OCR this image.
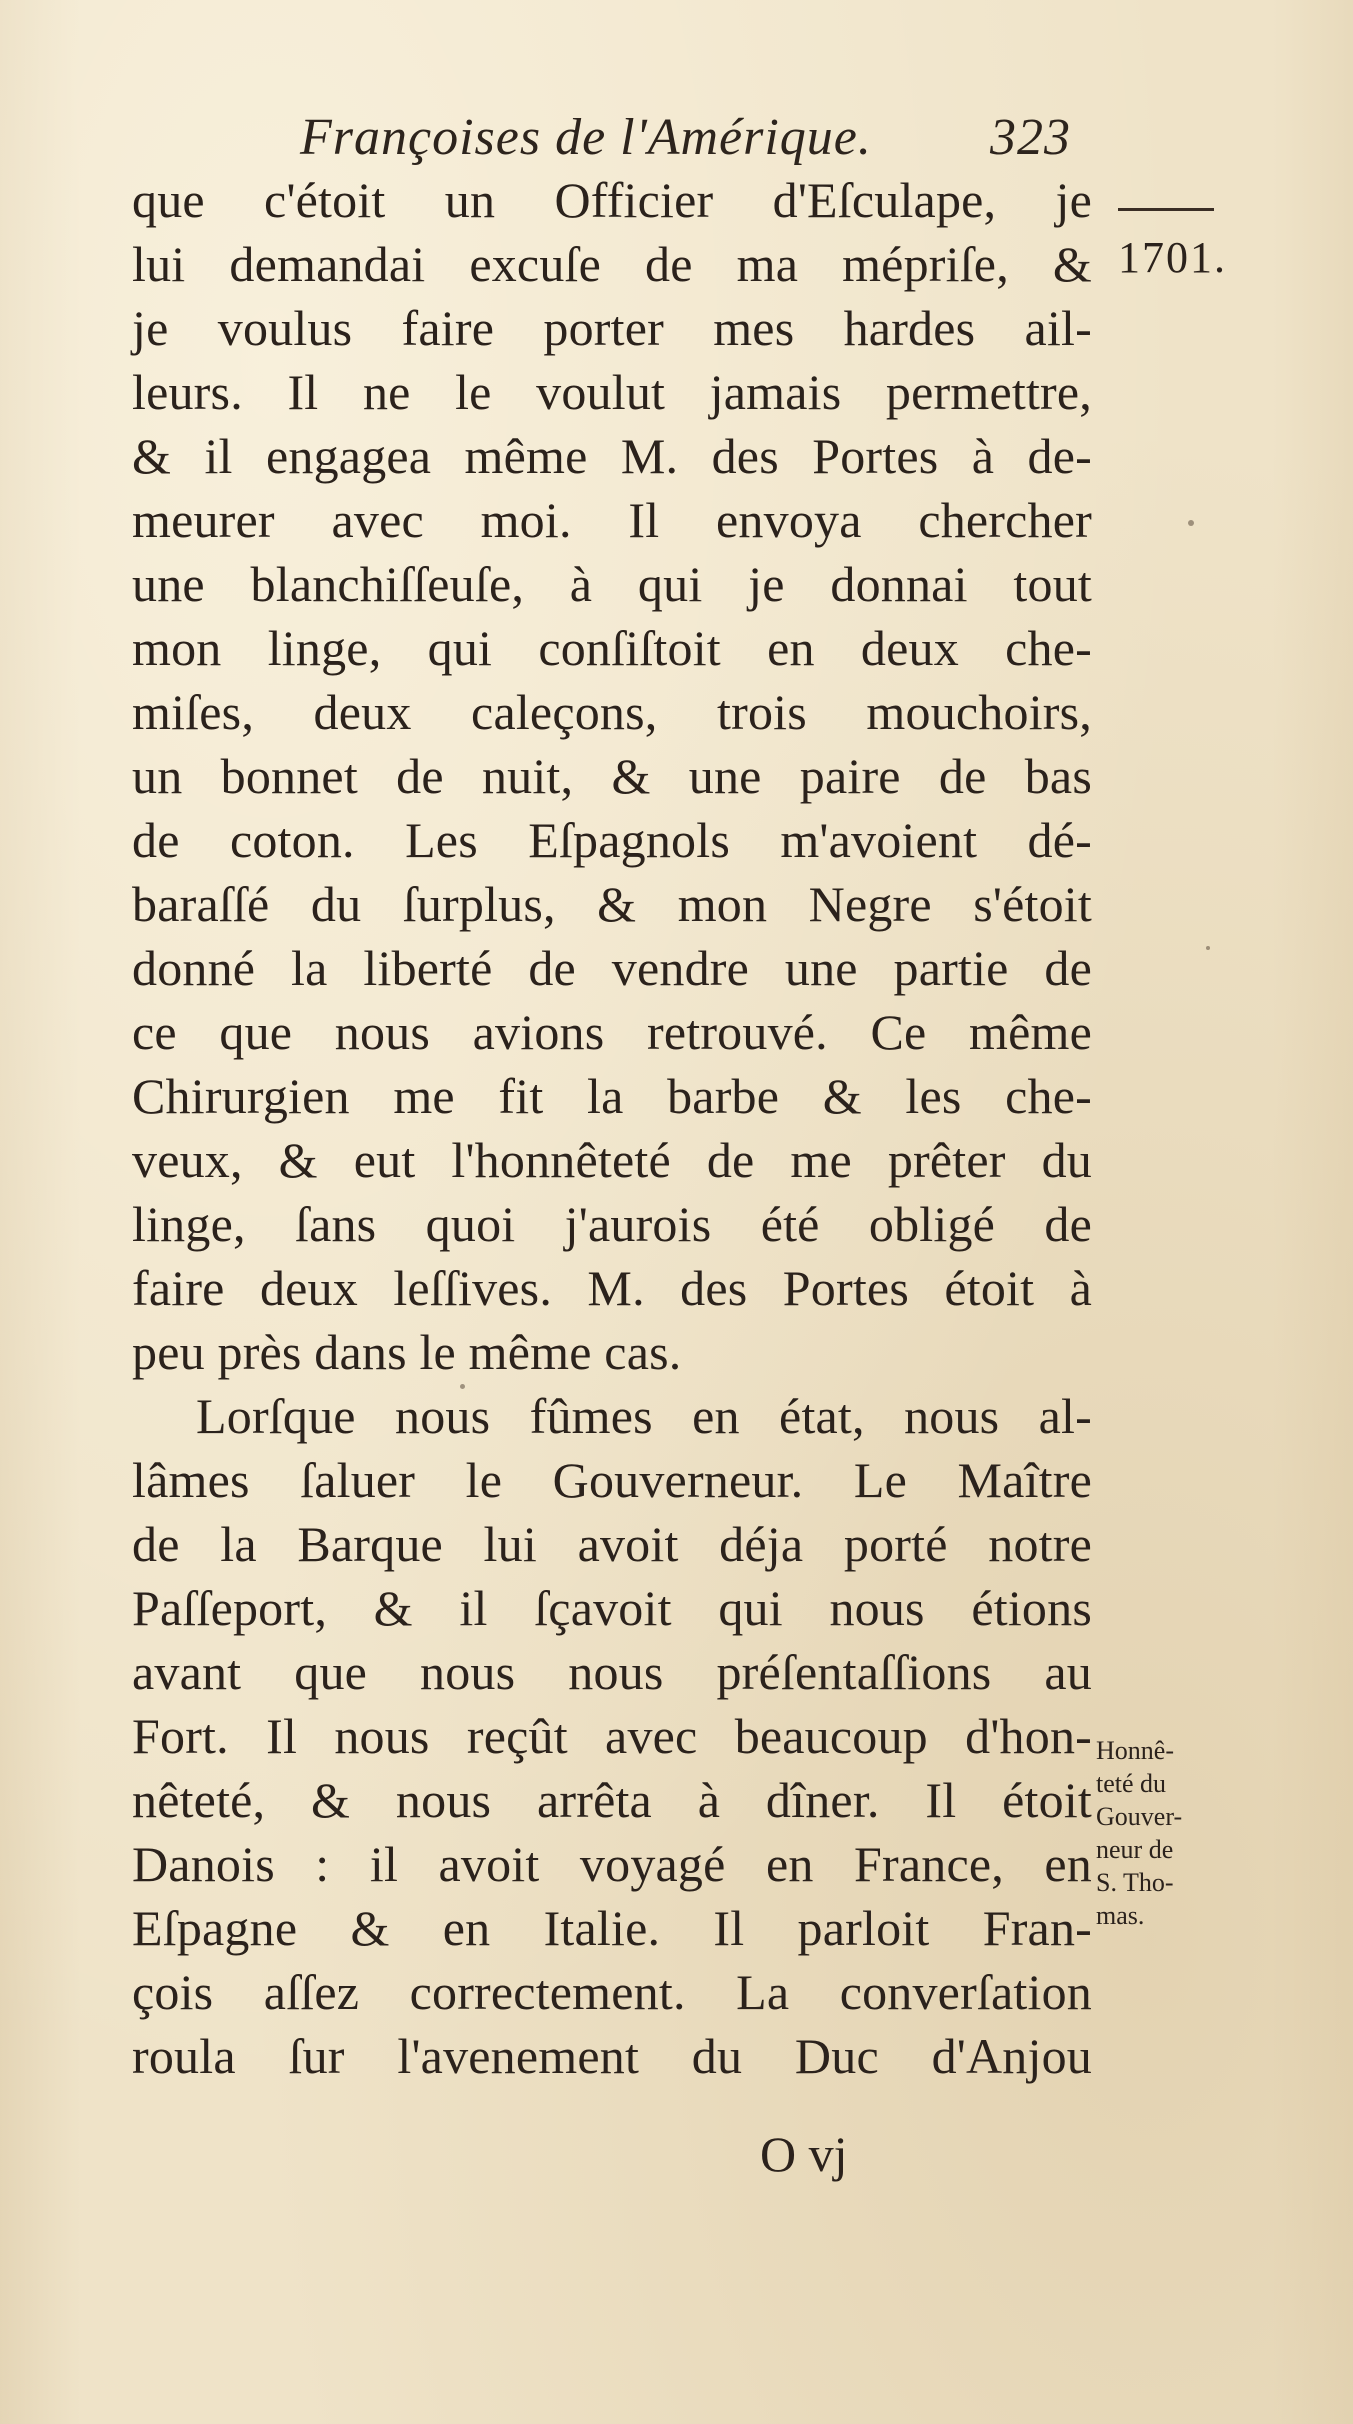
Françoises de l'Amérique. 323
1701.
que c'étoit un Officier d'Eſculape, je
lui demandai excuſe de ma mépriſe, &
je voulus faire porter mes hardes ail-
leurs. Il ne le voulut jamais permettre,
& il engagea même M. des Portes à de-
meurer avec moi. Il envoya chercher
une blanchiſſeuſe, à qui je donnai tout
mon linge, qui conſiſtoit en deux che-
miſes, deux caleçons, trois mouchoirs,
un bonnet de nuit, & une paire de bas
de coton. Les Eſpagnols m'avoient dé-
baraſſé du ſurplus, & mon Negre s'étoit
donné la liberté de vendre une partie de
ce que nous avions retrouvé. Ce même
Chirurgien me fit la barbe & les che-
veux, & eut l'honnêteté de me prêter du
linge, ſans quoi j'aurois été obligé de
faire deux leſſives. M. des Portes étoit à
peu près dans le même cas.
Lorſque nous fûmes en état, nous al-
lâmes ſaluer le Gouverneur. Le Maître
de la Barque lui avoit déja porté notre
Paſſeport, & il ſçavoit qui nous étions
avant que nous nous préſentaſſions au
Fort. Il nous reçût avec beaucoup d'hon-
nêteté, & nous arrêta à dîner. Il étoit
Danois : il avoit voyagé en France, en
Eſpagne & en Italie. Il parloit Fran-
çois aſſez correctement. La converſation
roula ſur l'avenement du Duc d'Anjou
Honnê-
teté du
Gouver-
neur de
S. Tho-
mas.
O vj
